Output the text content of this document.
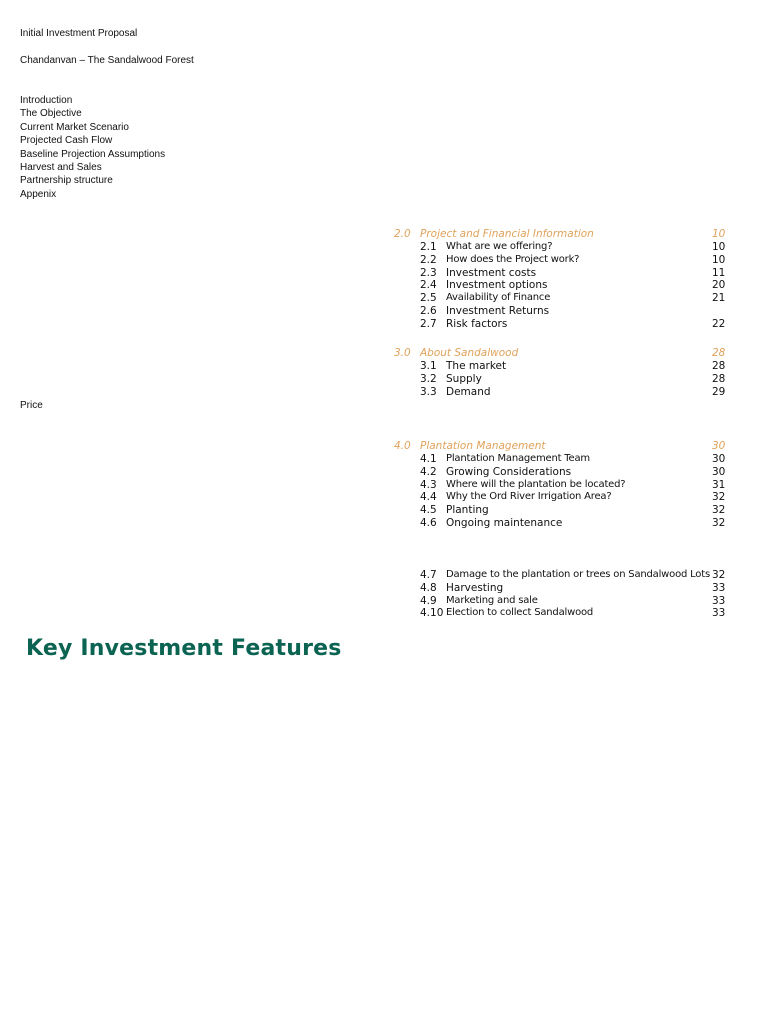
Initial Investment Proposal
Chandanvan – The Sandalwood Forest
Introduction
The Objective
Current Market Scenario
Projected Cash Flow
Baseline Projection Assumptions
Harvest and Sales
Partnership structure
Appenix
Price
2.0 Project and Financial Information	10
2.1 What are we offering?	10
2.2 How does the Project work?	10
2.3 Investment costs	11
2.4 Investment options	20
2.5 Availability of Finance	21
2.6 Investment Returns
2.7 Risk factors	22
3.0 About Sandalwood	28
3.1 The market	28
3.2 Supply	28
3.3 Demand	29
4.0 Plantation Management	30
4.1 Plantation Management Team	30
4.2 Growing Considerations	30
4.3 Where will the plantation be located?	31
4.4 Why the Ord River Irrigation Area?	32
4.5 Planting	32
4.6 Ongoing maintenance	32
4.7 Damage to the plantation or trees on Sandalwood Lots 32
4.8 Harvesting	33
4.9 Marketing and sale	33
4.10 Election to collect Sandalwood	33
Key Investment Features
